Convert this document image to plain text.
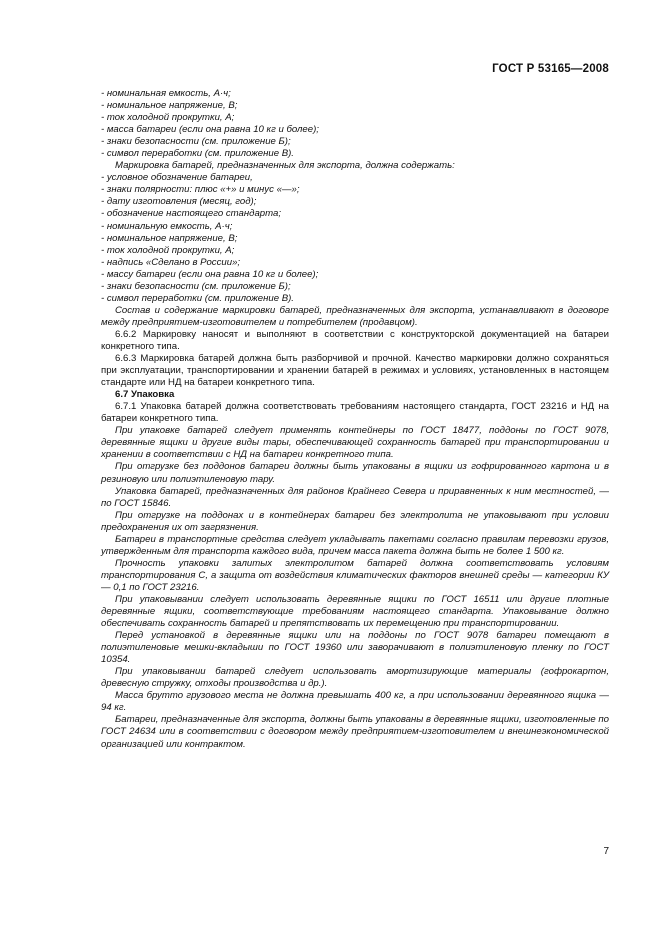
ГОСТ Р 53165—2008

- номинальная емкость, А·ч;

- номинальное напряжение, В;

- ток холодной прокрутки, А;

- масса батареи (если она равна 10 кг и более);

- знаки безопасности (см. приложение Б);

- символ переработки (см. приложение В).

Маркировка батарей, предназначенных для экспорта, должна содержать:

- условное обозначение батареи,

- знаки полярности: плюс «+» и минус «—»;

- дату изготовления (месяц, год);

- обозначение настоящего стандарта;

- номинальную емкость, А·ч;

- номинальное напряжение, В;

- ток холодной прокрутки, А;

- надпись «Сделано в России»;

- массу батареи (если она равна 10 кг и более);

- знаки безопасности (см. приложение Б);

- символ переработки (см. приложение В).

Состав и содержание маркировки батарей, предназначенных для экспорта, устанавливают в договоре между предприятием-изготовителем и потребителем (продавцом).

6.6.2 Маркировку наносят и выполняют в соответствии с конструкторской документацией на батареи конкретного типа.

6.6.3 Маркировка батарей должна быть разборчивой и прочной. Качество маркировки должно сохраняться при эксплуатации, транспортировании и хранении батарей в режимах и условиях, установленных в настоящем стандарте или НД на батареи конкретного типа.

6.7 Упаковка

6.7.1 Упаковка батарей должна соответствовать требованиям настоящего стандарта, ГОСТ 23216 и НД на батареи конкретного типа.

При упаковке батарей следует применять контейнеры по ГОСТ 18477, поддоны по ГОСТ 9078, деревянные ящики и другие виды тары, обеспечивающей сохранность батарей при транспортировании и хранении в соответствии с НД на батареи конкретного типа.

При отгрузке без поддонов батареи должны быть упакованы в ящики из гофрированного картона и в резиновую или полиэтиленовую тару.

Упаковка батарей, предназначенных для районов Крайнего Севера и приравненных к ним местностей, — по ГОСТ 15846.

При отгрузке на поддонах и в контейнерах батареи без электролита не упаковывают при условии предохранения их от загрязнения.

Батареи в транспортные средства следует укладывать пакетами согласно правилам перевозки грузов, утвержденным для транспорта каждого вида, причем масса пакета должна быть не более 1 500 кг.

Прочность упаковки залитых электролитом батарей должна соответствовать условиям транспортирования С, а защита от воздействия климатических факторов внешней среды — категории КУ— 0,1 по ГОСТ 23216.

При упаковывании следует использовать деревянные ящики по ГОСТ 16511 или другие плотные деревянные ящики, соответствующие требованиям настоящего стандарта. Упаковывание должно обеспечивать сохранность батарей и препятствовать их перемещению при транспортировании.

Перед установкой в деревянные ящики или на поддоны по ГОСТ 9078 батареи помещают в полиэтиленовые мешки-вкладыши по ГОСТ 19360 или заворачивают в полиэтиленовую пленку по ГОСТ 10354.

При упаковывании батарей следует использовать амортизирующие материалы (гофрокартон, древесную стружку, отходы производства и др.).

Масса брутто грузового места не должна превышать 400 кг, а при использовании деревянного ящика — 94 кг.

Батареи, предназначенные для экспорта, должны быть упакованы в деревянные ящики, изготовленные по ГОСТ 24634 или в соответствии с договором между предприятием-изготовителем и внешнеэкономической организацией или контрактом.

7
